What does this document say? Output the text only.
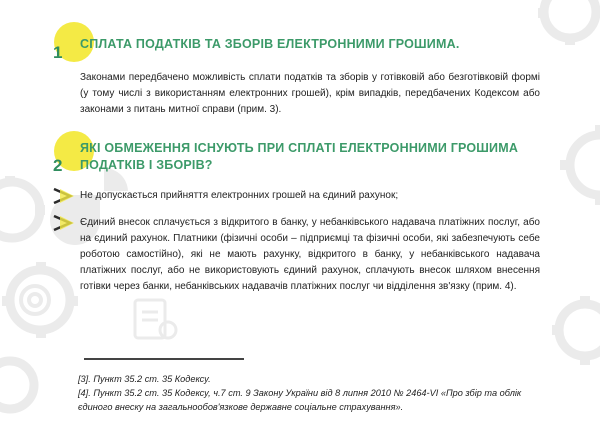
1 СПЛАТА ПОДАТКІВ ТА ЗБОРІВ ЕЛЕКТРОННИМИ ГРОШИМА.
Законами передбачено можливість сплати податків та зборів у готівковій або безготівковій формі (у тому числі з використанням електронних грошей), крім випадків, передбачених Кодексом або законами з питань митної справи (прим. 3).
2
ЯКІ ОБМЕЖЕННЯ ІСНУЮТЬ ПРИ СПЛАТІ ЕЛЕКТРОННИМИ ГРОШИМА
ПОДАТКІВ І ЗБОРІВ?
Не допускається прийняття електронних грошей на єдиний рахунок;
Єдиний внесок сплачується з відкритого в банку, у небанківського надавача платіжних послуг, або на єдиний рахунок. Платники (фізичні особи – підприємці та фізичні особи, які забезпечують себе роботою самостійно), які не мають рахунку, відкритого в банку, у небанківського надавача платіжних послуг, або не використовують єдиний рахунок, сплачують внесок шляхом внесення готівки через банки, небанківських надавачів платіжних послуг чи відділення зв'язку (прим. 4).
[3]. Пункт 35.2 ст. 35 Кодексу.
[4]. Пункт 35.2 ст. 35 Кодексу, ч.7 ст. 9 Закону України від 8 липня 2010 № 2464-VI «Про збір та облік єдиного внеску на загальнообов'язкове державне соціальне страхування».
